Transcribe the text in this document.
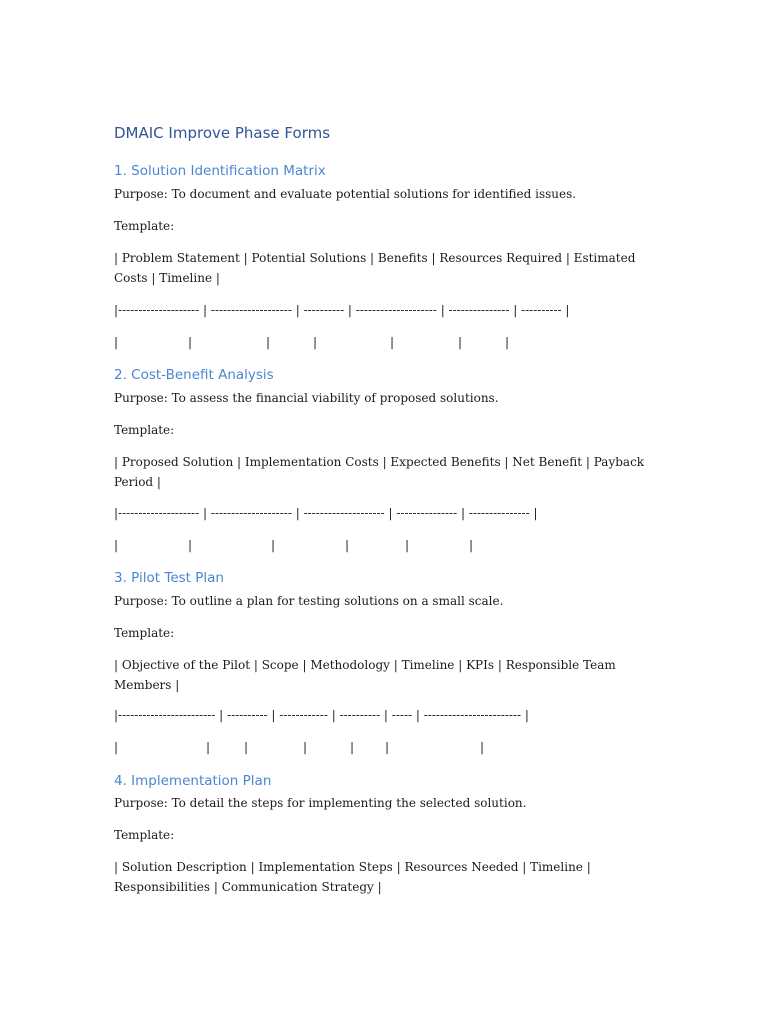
DMAIC Improve Phase Forms
1. Solution Identification Matrix

Purpose: To document and evaluate potential solutions for identified issues.

Template:

| Problem Statement | Potential Solutions | Benefits | Resources Required | Estimated Costs | Timeline |

|-------------------- | -------------------- | ---------- | -------------------- | --------------- | ---------- |

|	|	|	|	|	|	|
2. Cost-Benefit Analysis

Purpose: To assess the financial viability of proposed solutions.

Template:

| Proposed Solution | Implementation Costs | Expected Benefits | Net Benefit | Payback Period |

|-------------------- | -------------------- | -------------------- | --------------- | --------------- |

|	|	|	|	|	|
3. Pilot Test Plan

Purpose: To outline a plan for testing solutions on a small scale.

Template:

| Objective of the Pilot | Scope | Methodology | Timeline | KPIs | Responsible Team Members |

|------------------------ | ---------- | ------------ | ---------- | ----- | ------------------------ |

|	|	|	|	|	|	|
4. Implementation Plan

Purpose: To detail the steps for implementing the selected solution.

Template:

| Solution Description | Implementation Steps | Resources Needed | Timeline | Responsibilities | Communication Strategy |
